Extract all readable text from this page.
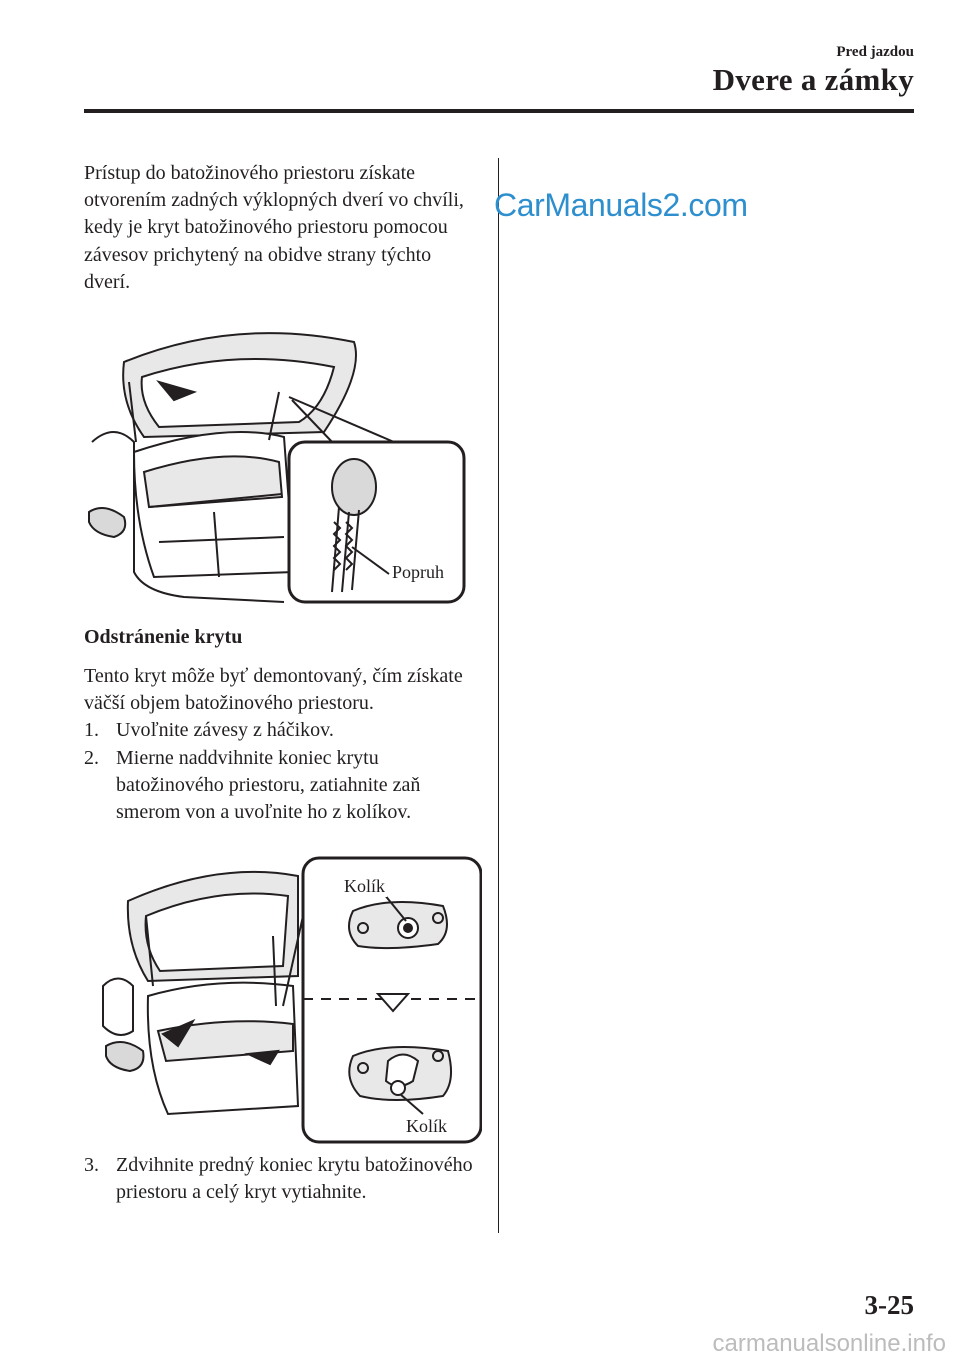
Pred jazdou
Dvere a zámky
CarManuals2.com

Prístup do batožinového priestoru získate otvorením zadných výklopných dverí vo chvíli, kedy je kryt batožinového priestoru pomocou závesov prichytený na obidve strany týchto dverí.

Popruh

Odstránenie krytu

Tento kryt môže byť demontovaný, čím získate väčší objem batožinového priestoru.

1. Uvoľnite závesy z háčikov.
2. Mierne naddvihnite koniec krytu batožinového priestoru, zatiahnite zaň smerom von a uvoľnite ho z kolíkov.
Kolík
Kolík
3. Zdvihnite predný koniec krytu batožinového priestoru a celý kryt vytiahnite.
3-25
carmanualsonline.info
